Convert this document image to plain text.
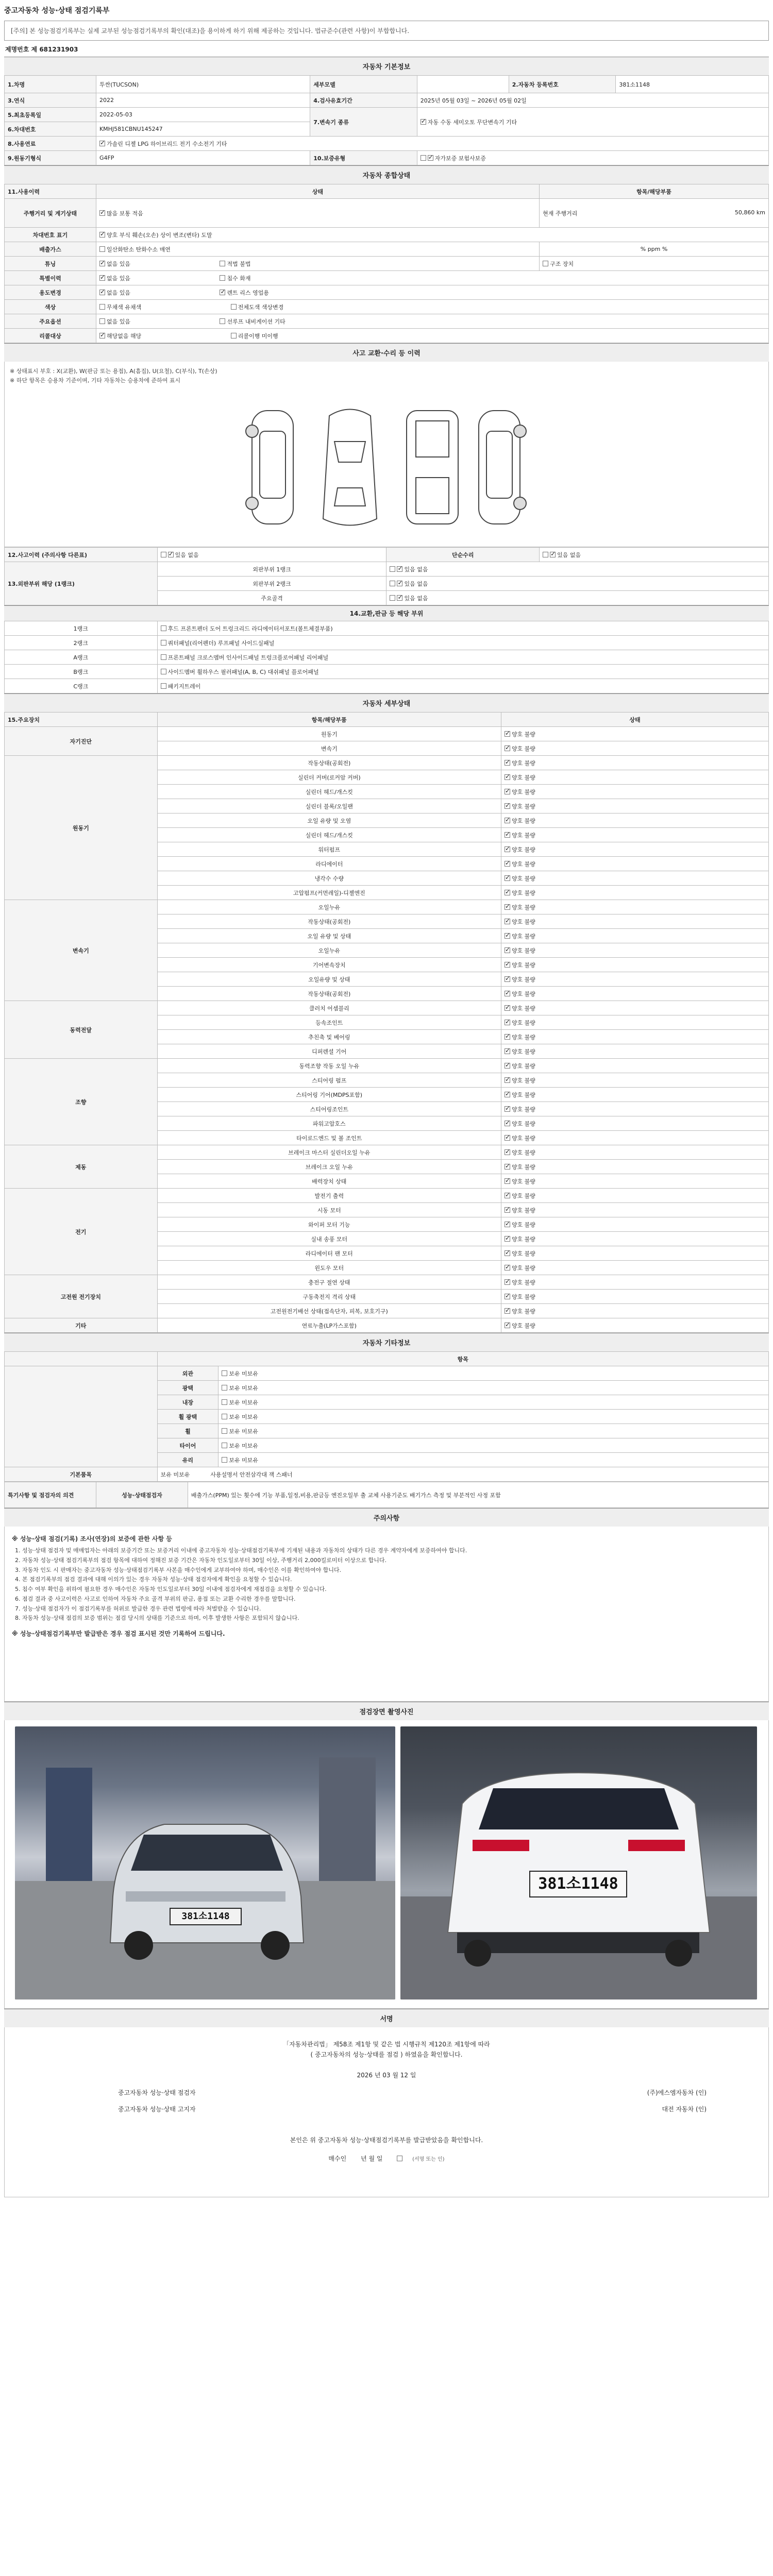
중고자동차 성능·상태 점검기록부
[주의] 본 성능점검기록부는 실제 교부된 성능점검기록부의 확인(대조)을 용이하게 하기 위해 제공하는 것입니다. 법규준수(관련 사항)이 부합합니다.
제명번호 제 681231903
자동차 기본정보
1.차명	투싼(TUCSON)	세부모델		2.자동차 등록번호	381소1148
3.연식	2022	4.검사유효기간	2025년 05월 03일 ~ 2026년 05월 02일		
5.최초등록일	2022-05-03	7.변속기 종류	✓자동 수동 세미오토 무단변속기 기타
6.차대번호	KMHJ581CBNU145247				
8.사용연료	✓가솔린 디젤 LPG 하이브리드 전기 수소전기 기타
9.원동기형식	G4FP	10.보증유형	✓자가보증 보험사보증
자동차 종합상태
11.사용이력	상태	항목/해당부품
주행거리 및 계기상태	✓많음 보통 적음	현재 주행거리 50,860 km

차대번호 표기	✓양호 부식 훼손(오손) 상이 변조(변타) 도말
배출가스	일산화탄소 탄화수소 매연	% ppm %
튜닝	✓없음 있음 적법 불법	구조 장치
특별이력	✓없음 있음 침수 화재
용도변경	✓없음 있음 ✓ 렌트 리스 영업용
색상	무채색 유채색 전체도색 색상변경	
주요옵션	없음 있음 선루프 내비게이션 기타	
리콜대상	✓해당없음 해당 리콜이행 미이행
사고 교환·수리 등 이력
※ 상태표시 부호 : X(교환), W(판금 또는 용접), A(흠집), U(요철), C(부식), T(손상)
※ 하단 항목은 승용차 기준이며, 기타 자동차는 승용차에 준하여 표시
12.사고이력 (주의사항 다른표)	✓있음 없음	단순수리	✓있음 없음
13.외판부위 해당 (1랭크)	외판부위 1랭크	✓있음 없음
	외판부위 2랭크	✓있음 없음
	주요골격	✓있음 없음
14.교환,판금 등 해당 부위
1랭크	후드 프론트펜더 도어 트렁크리드 라디에이터서포트(볼트체결부품)
2랭크	쿼터패널(리어펜더) 루프패널 사이드실패널
A랭크	프론트패널 크로스멤버 인사이드패널 트렁크플로어패널 리어패널
B랭크	사이드멤버 휠하우스 필러패널(A, B, C) 대쉬패널 플로어패널
C랭크	패키지트레이
자동차 세부상태
15.주요장치	항목/해당부품	상태
자기진단	원동기	✓양호 불량
	변속기	✓양호 불량
원동기	작동상태(공회전)	✓양호 불량
	실린더 커버(로커암 커버)	✓양호 불량
	실린더 헤드/개스킷	✓양호 불량
	실린더 블록/오일팬	✓양호 불량
	오일 유량 및 오염	✓양호 불량
	실린더 헤드/개스킷	✓양호 불량
	워터펌프	✓양호 불량
	라디에이터	✓양호 불량
	냉각수 수량	✓양호 불량
	고압펌프(커먼레일)-디젤엔진	✓양호 불량
변속기	오일누유	✓양호 불량
	작동상태(공회전)	✓양호 불량
	오일 유량 및 상태	✓양호 불량
	오일누유	✓양호 불량
	기어변속장치	✓양호 불량
	오일유량 및 상태	✓양호 불량
	작동상태(공회전)	✓양호 불량
동력전달	클러치 어셈블리	✓양호 불량
	등속조인트	✓양호 불량
	추친축 및 베어링	✓양호 불량
	디퍼렌셜 기어	✓양호 불량
조향	동력조향 작동 오일 누유	✓양호 불량
	스티어링 펌프	✓양호 불량
	스티어링 기어(MDPS포함)	✓양호 불량
	스티어링조인트	✓양호 불량
	파워고압호스	✓양호 불량
	타이로드엔드 및 볼 조인트	✓양호 불량
제동	브레이크 마스터 실린더오일 누유	✓양호 불량
	브레이크 오일 누유	✓양호 불량
	배력장치 상태	✓양호 불량
전기	발전기 출력	✓양호 불량
	시동 모터	✓양호 불량
	와이퍼 모터 기능	✓양호 불량
	실내 송풍 모터	✓양호 불량
	라디에이터 팬 모터	✓양호 불량
	윈도우 모터	✓양호 불량
고전원 전기장치	충전구 절연 상태	✓양호 불량
	구동축전지 격리 상태	✓양호 불량
	고전원전기배선 상태(접속단자, 피복, 보호기구)	✓양호 불량
기타	연료누출(LP가스포함)	✓양호 불량
자동차 기타정보
	항목	
	외관	보유 미보유
	광택	보유 미보유
	내장	보유 미보유
	휠 광택	보유 미보유
	휠	보유 미보유
	타이어	보유 미보유
	유리	보유 미보유
기본품목	보유 미보유 사용설명서 안전삼각대 잭 스패너	
특기사항 및 점검자의 의견	성능·상태점검자	배출가스(PPM) 있는 횟수에 기능 부품,일정,비용,판금등 엔진오일부 출 교체 사용기준도 배기가스 측정 및 부분적인 사정 포함
주의사항
※ 성능·상태 점검(기록) 조사(연장)의 보증에 관한 사항 등
1. 성능·상태 점검자 및 매매업자는 아래의 보증기간 또는 보증거리 이내에 중고자동차 성능·상태점검기록부에 기재된 내용과 자동차의 상태가 다른 경우 계약자에게 보증하여야 합니다.
2. 자동차 성능·상태 점검기록부의 점검 항목에 대하여 정해진 보증 기간은 자동차 인도일로부터 30일 이상, 주행거리 2,000킬로미터 이상으로 합니다.
3. 자동차 인도 시 판매자는 중고자동차 성능·상태점검기록부 사본을 매수인에게 교부하여야 하며, 매수인은 이를 확인하여야 합니다.
4. 본 점검기록부의 점검 결과에 대해 이의가 있는 경우 자동차 성능·상태 점검자에게 확인을 요청할 수 있습니다.
5. 침수 여부 확인을 위하여 필요한 경우 매수인은 자동차 인도일로부터 30일 이내에 점검자에게 재점검을 요청할 수 있습니다.
6. 점검 결과 중 사고이력은 사고로 인하여 자동차 주요 골격 부위의 판금, 용접 또는 교환 수리한 경우를 말합니다.
7. 성능·상태 점검자가 이 점검기록부를 허위로 발급한 경우 관련 법령에 따라 처벌받을 수 있습니다.
8. 자동차 성능·상태 점검의 보증 범위는 점검 당시의 상태를 기준으로 하며, 이후 발생한 사항은 포함되지 않습니다.
※ 성능·상태점검기록부만 발급받은 경우 점검 표시된 것만 기록하여 드립니다.
점검장면 촬영사진
381소1148
381소1148
서명
「자동차관리법」 제58조 제1항 및 같은 법 시행규칙 제120조 제1항에 따라
( 중고자동차의 성능·상태를 점검 ) 하였음을 확인합니다.
2026 년 03 월 12 일
중고자동차 성능·상태 점검자	(주)에스엠자동차 (인)
중고자동차 성능·상태 고지자	대전 자동차 (인)
본인은 위 중고자동차 성능·상태점검기록부를 발급받았음을 확인합니다.
매수인 년 월 일	(서명 또는 인)
